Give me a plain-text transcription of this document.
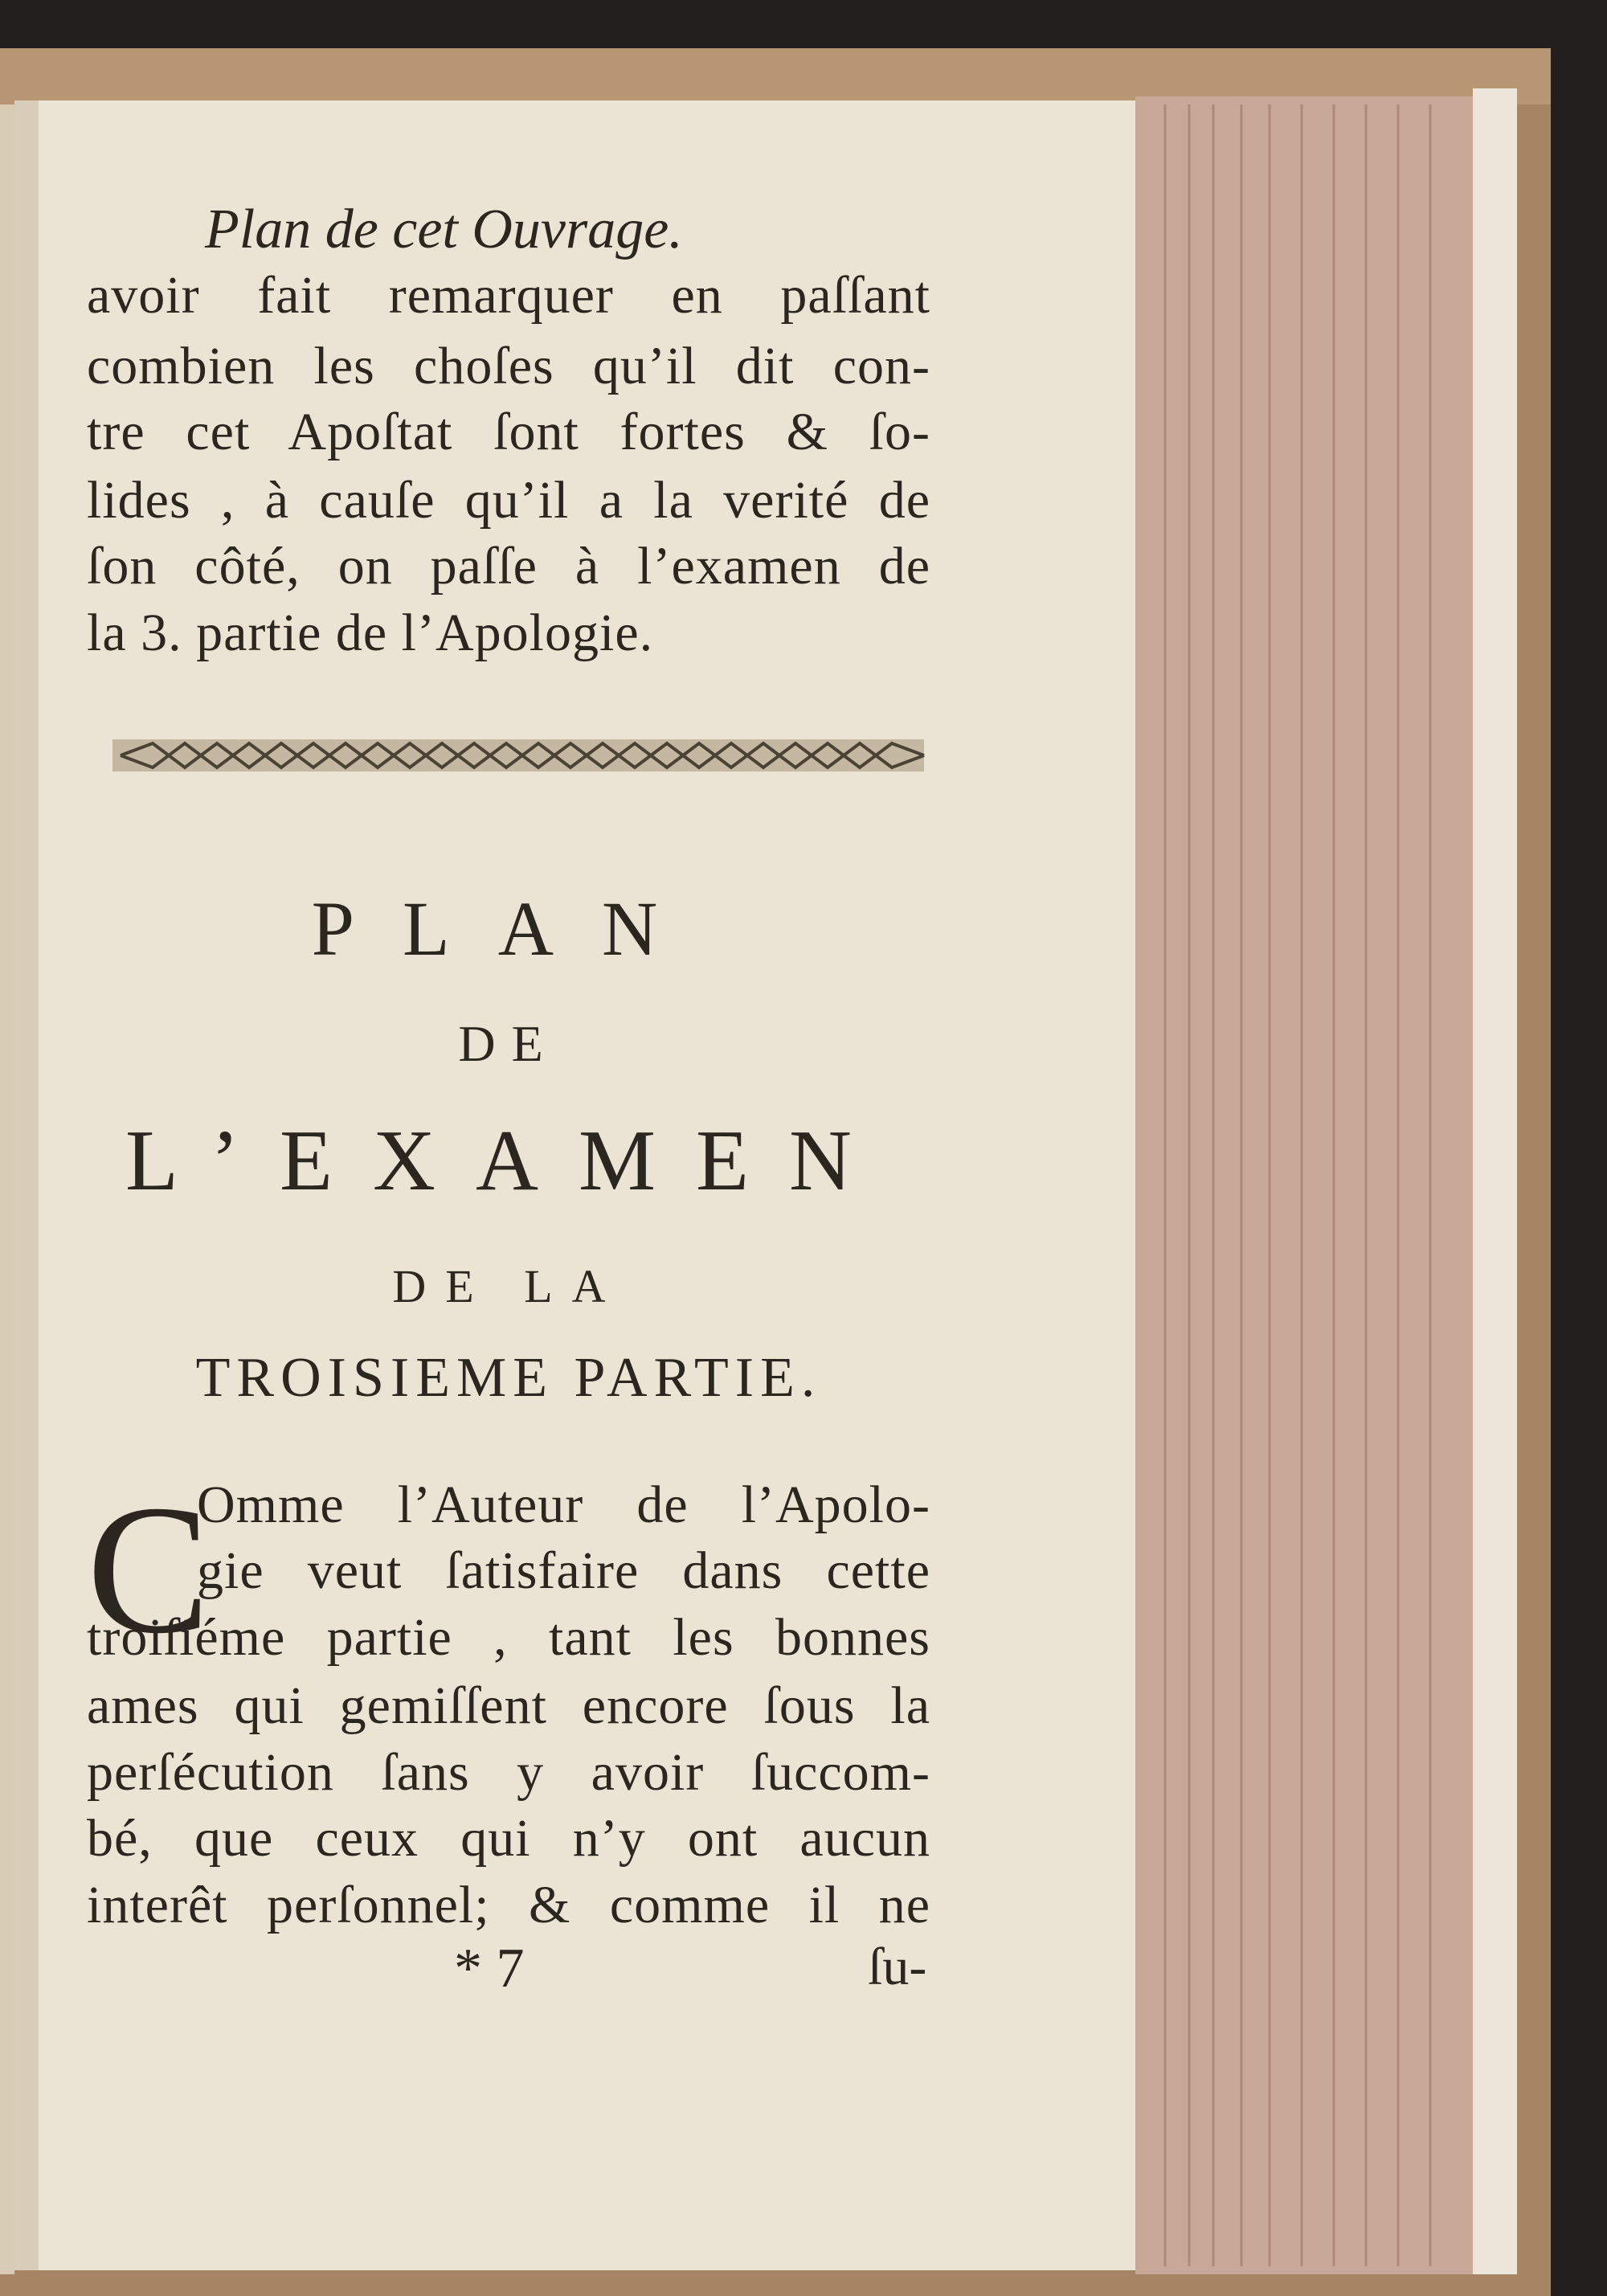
Plan de cet Ouvrage.
avoir fait remarquer en paſſant
combien les choſes qu’il dit con-
tre cet Apoſtat ſont fortes & ſo-
lides , à cauſe qu’il a la verité de
ſon côté, on paſſe à l’examen de
la 3. partie de l’Apologie.
PLAN
DE
L’EXAMEN
DE LA
TROISIEME PARTIE.
C
Omme l’Auteur de l’Apolo-
gie veut ſatisfaire dans cette
troiſiéme partie , tant les bonnes
ames qui gemiſſent encore ſous la
perſécution ſans y avoir ſuccom-
bé, que ceux qui n’y ont aucun
interêt perſonnel; & comme il ne
* 7	ſu-
